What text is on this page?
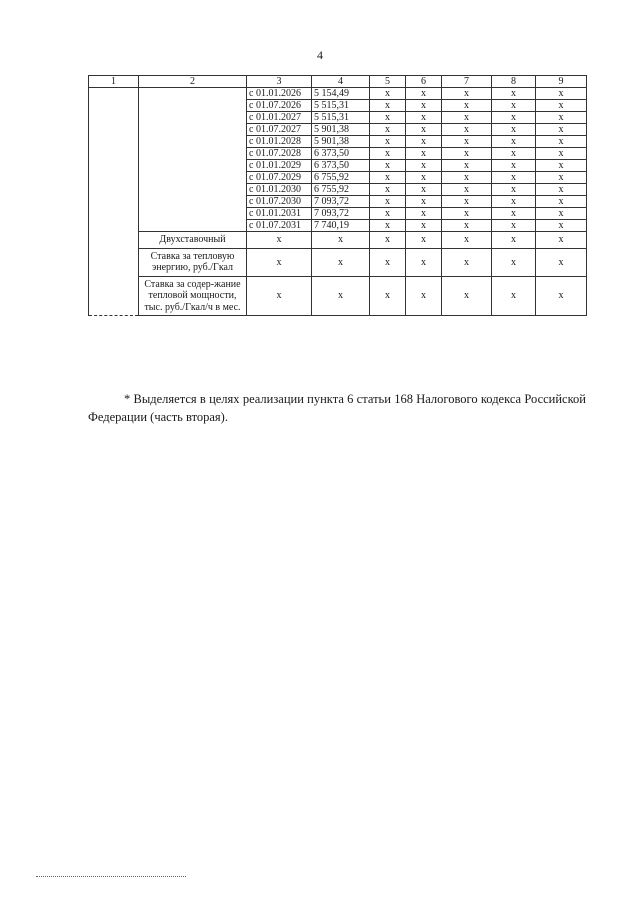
4
1	2	3	4	5	6	7	8	9
		с 01.01.2026	5 154,49	х	х	х	х	х
		с 01.07.2026	5 515,31	х	х	х	х	х
		с 01.01.2027	5 515,31	х	х	х	х	х
		с 01.07.2027	5 901,38	х	х	х	х	х
		с 01.01.2028	5 901,38	х	х	х	х	х
		с 01.07.2028	6 373,50	х	х	х	х	х
		с 01.01.2029	6 373,50	х	х	х	х	х
		с 01.07.2029	6 755,92	х	х	х	х	х
		с 01.01.2030	6 755,92	х	х	х	х	х
		с 01.07.2030	7 093,72	х	х	х	х	х
		с 01.01.2031	7 093,72	х	х	х	х	х
		с 01.07.2031	7 740,19	х	х	х	х	х
	Двухставочный	х	х	х	х	х	х	х
	Ставка за тепловую энергию, руб./Гкал	х	х	х	х	х	х	х
	Ставка за содер-жание тепловой мощности, тыс. руб./Гкал/ч в мес.	х	х	х	х	х	х	х
* Выделяется в целях реализации пункта 6 статьи 168 Налогового кодекса Российской Федерации (часть вторая).
